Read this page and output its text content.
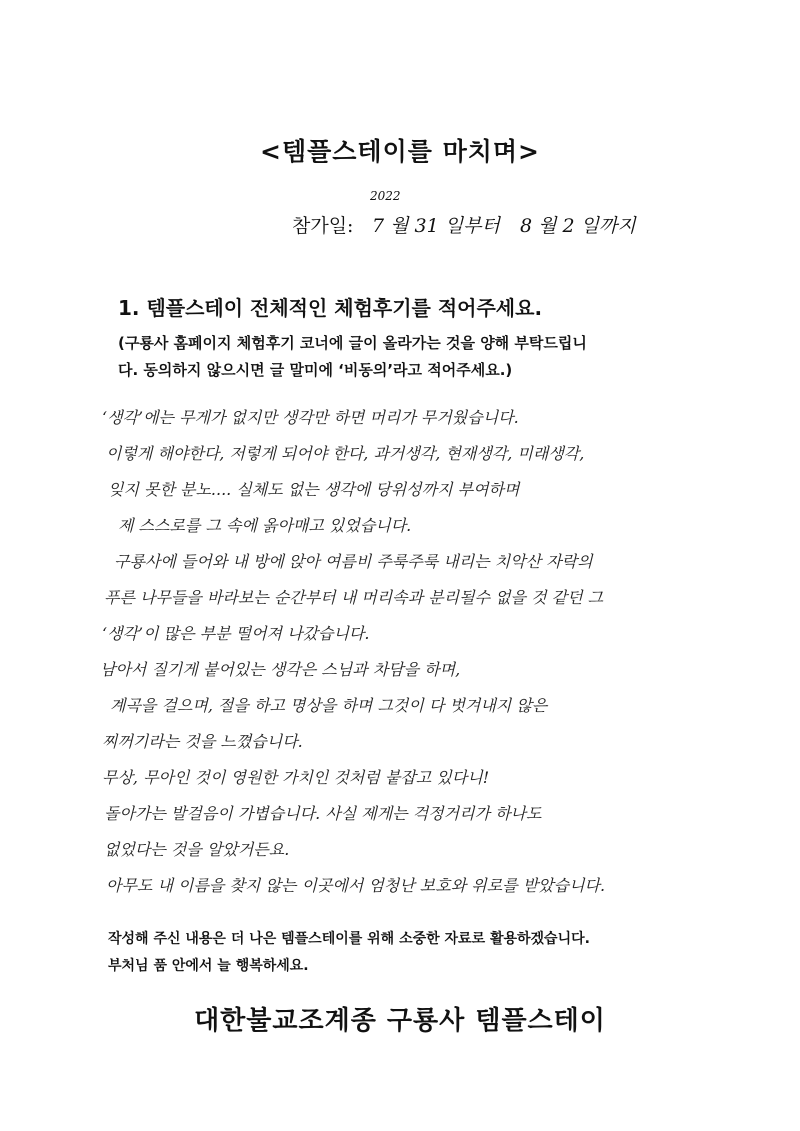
<템플스테이를 마치며>
참가일:
2022
7 월 31 일부터 8 월 2 일까지
1. 템플스테이 전체적인 체험후기를 적어주세요.
(구룡사 홈페이지 체험후기 코너에 글이 올라가는 것을 양해 부탁드립니
다. 동의하지 않으시면 글 말미에 ‘비동의’라고 적어주세요.)
‘생각’에는 무게가 없지만 생각만 하면 머리가 무거웠습니다.
이렇게 해야한다, 저렇게 되어야 한다, 과거생각, 현재생각, 미래생각,
잊지 못한 분노.... 실체도 없는 생각에 당위성까지 부여하며
제 스스로를 그 속에 옭아매고 있었습니다.
구룡사에 들어와 내 방에 앉아 여름비 주룩주룩 내리는 치악산 자락의
푸른 나무들을 바라보는 순간부터 내 머리속과 분리될수 없을 것 같던 그
‘생각’이 많은 부분 떨어져 나갔습니다.
남아서 질기게 붙어있는 생각은 스님과 차담을 하며,
계곡을 걸으며, 절을 하고 명상을 하며 그것이 다 벗겨내지 않은
찌꺼기라는 것을 느꼈습니다.
무상, 무아인 것이 영원한 가치인 것처럼 붙잡고 있다니!
돌아가는 발걸음이 가볍습니다. 사실 제게는 걱정거리가 하나도
없었다는 것을 알았거든요.
아무도 내 이름을 찾지 않는 이곳에서 엄청난 보호와 위로를 받았습니다.
작성해 주신 내용은 더 나은 템플스테이를 위해 소중한 자료로 활용하겠습니다.
부처님 품 안에서 늘 행복하세요.
대한불교조계종 구룡사 템플스테이
